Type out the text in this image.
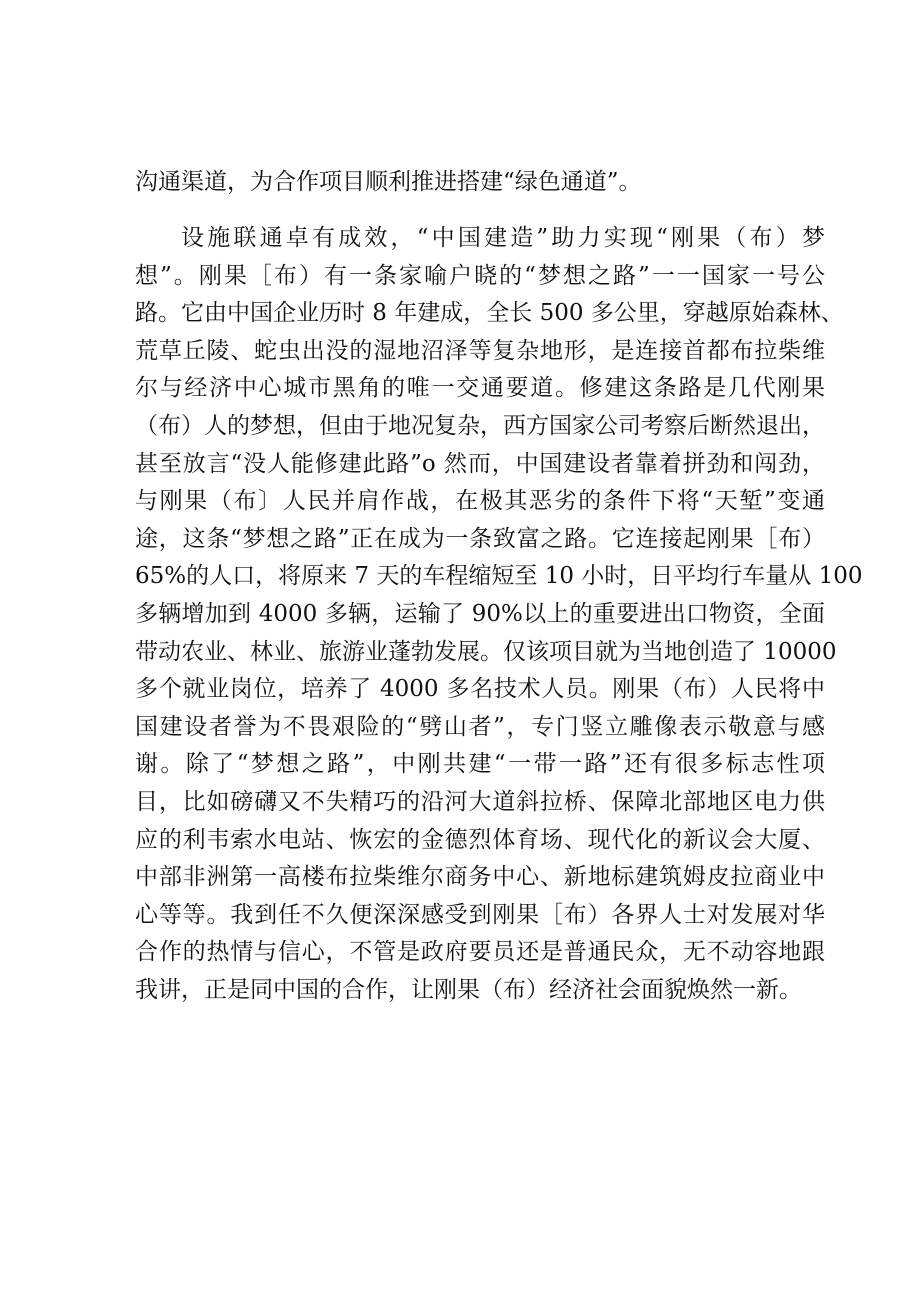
沟通渠道，为合作项目顺利推进搭建“绿色通道”。
设施联通卓有成效，“中国建造”助力实现“刚果（布）梦
想”。刚果［布）有一条家喻户晓的“梦想之路”一一国家一号公
路。它由中国企业历时 8 年建成，全长 500 多公里，穿越原始森林、
荒草丘陵、蛇虫出没的湿地沼泽等复杂地形，是连接首都布拉柴维
尔与经济中心城市黑角的唯一交通要道。修建这条路是几代刚果
（布）人的梦想，但由于地况复杂，西方国家公司考察后断然退出，
甚至放言“没人能修建此路”o 然而，中国建设者靠着拼劲和闯劲，
与刚果（布〕人民并肩作战，在极其恶劣的条件下将“天堑”变通
途，这条“梦想之路”正在成为一条致富之路。它连接起刚果［布）
65%的人口，将原来 7 天的车程缩短至 10 小时，日平均行车量从 100
多辆增加到 4000 多辆，运输了 90%以上的重要进出口物资，全面
带动农业、林业、旅游业蓬勃发展。仅该项目就为当地创造了 10000
多个就业岗位，培养了 4000 多名技术人员。刚果（布）人民将中
国建设者誉为不畏艰险的“劈山者”，专门竖立雕像表示敬意与感
谢。除了“梦想之路”，中刚共建“一带一路”还有很多标志性项
目，比如磅礴又不失精巧的沿河大道斜拉桥、保障北部地区电力供
应的利韦索水电站、恢宏的金德烈体育场、现代化的新议会大厦、
中部非洲第一高楼布拉柴维尔商务中心、新地标建筑姆皮拉商业中
心等等。我到任不久便深深感受到刚果［布）各界人士对发展对华
合作的热情与信心，不管是政府要员还是普通民众，无不动容地跟
我讲，正是同中国的合作，让刚果（布）经济社会面貌焕然一新。
